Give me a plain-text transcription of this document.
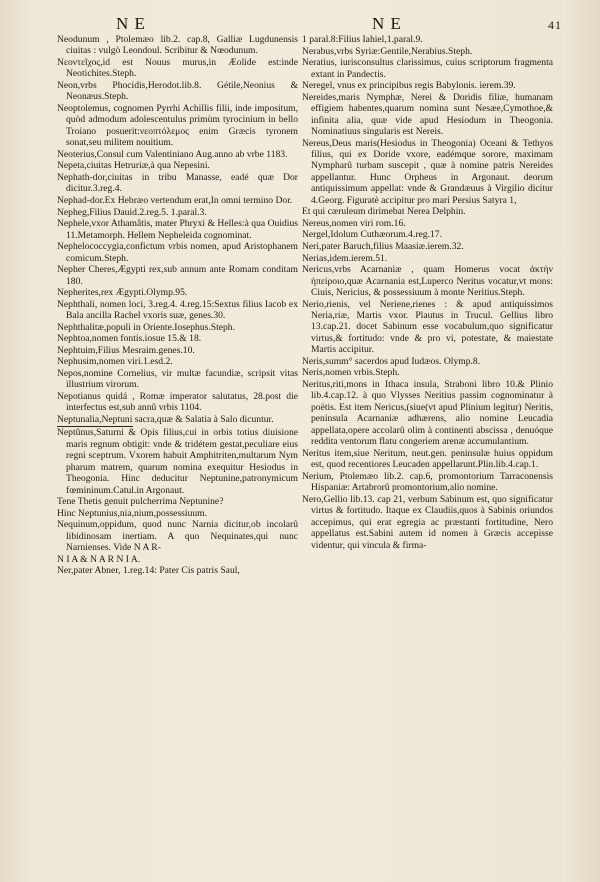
N E	N E	41

Neodunum , Ptolemæo lib.2. cap.8, Galliæ Lugdunensis ciuitas : vulgò Leondoul. Scribitur & Nœodunum.

Νεοντεῖχος,id est Nouus murus,in Æolide est:inde Neotichites.Steph.

Neon,vrbs Phocidis,Herodot.lib.8. Gétile,Neonius & Neonæus.Steph.

Neoptolemus, cognomen Pyrrhi Achillis filii, inde impositum, quòd admodum adolescentulus primùm tyrocinium in bello Troiano posuerit:νεοπτόλεμος enim Græcis tyronem sonat,seu militem nouitium.

Neoterius,Consul cum Valentiniano Aug.anno ab vrbe 1183.

Nepeta,ciuitas Hetruriæ,à qua Nepesini.

Nephath-dor,ciuitas in tribu Manasse, eadé quæ Dor dicitur.3.reg.4.

Nephad-dor.Ex Hebræo vertendum erat,In omni termino Dor.

Nepheg,Filius Dauid.2.reg.5. 1.paral.3.

Nephele,vxor Athamâtis, mater Phryxi & Helles:à qua Ouidius 11.Metamorph. Hellem Nepheleida cognominat.

Nephelococcygia,confictum vrbis nomen, apud Aristophanem comicum.Steph.

Nepher Cheres,Ægypti rex,sub annum ante Romam conditam 180.

Nepherites,rex Ægypti.Olymp.95.

Nephthali, nomen loci, 3.reg.4. 4.reg.15:Sextus filius Iacob ex Bala ancilla Rachel vxoris suæ, genes.30.

Nephthalitæ,populi in Oriente.Iosephus.Steph.

Nephtoa,nomen fontis.iosue 15.& 18.

Nephtuim,Filius Mesraim.genes.10.

Nephusim,nomen viri.1.esd.2.

Nepos,nomine Cornelius, vir multæ facundiæ, scripsit vitas illustrium virorum.

Nepotianus quidá , Romæ imperator salutatus, 28.post die interfectus est,sub annû vrbis 1104.

Neptunalia,Neptuni sacra,quæ & Salatia à Salo dicuntur.

Neptûnus,Saturni & Opis filius,cui in orbis totius diuisione maris regnum obtigit: vnde & tridétem gestat,peculiare eius regni sceptrum. Vxorem habuit Amphitriten,multarum Nym pharum matrem, quarum nomina exequitur Hesiodus in Theogonia. Hinc deducitur Neptunine,patronymicum fœmininum.Catul.in Argonaut.

Tene Thetis genuit pulcherrima Neptunine?

Hinc Neptunius,nia,nium,possessiuum.

Nequinum,oppidum, quod nunc Narnia dicitur,ob incolarû libidinosam inertiam. A quo Nequinates,qui nunc Narnienses. Vide N A R-

N I A & N A R N I A.

Ner,pater Abner, 1.reg.14: Pater Cis patris Saul,

1 paral.8:Filius Iahiel,1.paral.9.

Nerabus,vrbs Syriæ:Gentile,Nerabius.Steph.

Neratius, iurisconsultus clarissimus, cuius scriptorum fragmenta extant in Pandectis.

Neregel, vnus ex principibus regis Babylonis. ierem.39.

Nereides,maris Nymphæ, Nerei & Doridis filiæ, humanam effigiem habentes,quarum nomina sunt Nesæe,Cymothoe,& infinita alia, quæ vide apud Hesiodum in Theogonia. Nominatiuus singularis est Nereis.

Nereus,Deus maris(Hesiodus in Theogonia) Oceani & Tethyos filius, qui ex Doride vxore, eadémque sorore, maximam Nympharû turbam suscepit , quæ à nomine patris Nereides appellantur. Hunc Orpheus in Argonaut. deorum antiquissimum appellat: vnde & Grandæuus à Virgilio dicitur 4.Georg. Figuratè accipitur pro mari Persius Satyra 1,

Et qui cæruleum dirimebat Nerea Delphin.

Nereus,nomen viri rom.16.

Nergel,Idolum Cuthæorum.4.reg.17.

Neri,pater Baruch,filius Maasiæ.ierem.32.

Nerias,idem.ierem.51.

Nericus,vrbs Acarnaniæ , quam Homerus vocat ἀκτὴν ἠπείροιο,quæ Acarnania est,Luperco Neritus vocatur,vt mons: Ciuis, Nericius, & possessiuum à monte Neritius.Steph.

Nerio,rienis, vel Neriene,rienes : & apud antiquissimos Neria,riæ, Martis vxor. Plautus in Trucul. Gellius libro 13.cap.21. docet Sabinum esse vocabulum,quo significatur virtus,& fortitudo: vnde & pro vi, potestate, & maiestate Martis accipitur.

Neris,summ° sacerdos apud Iudæos. Olymp.8.

Neris,nomen vrbis.Steph.

Neritus,riti,mons in Ithaca insula, Straboni libro 10.& Plinio lib.4.cap.12. à quo Vlysses Neritius passim cognominatur à poëtis. Est item Nericus,(siue(vt apud Plinium legitur) Neritis, peninsula Acarnaniæ adhærens, alio nomine Leucadia appellata,opere accolarû olim à continenti abscissa , denuóque reddita ventorum flatu congeriem arenæ accumulantium.

Neritus item,siue Neritum, neut.gen. peninsulæ huius oppidum est, quod recentiores Leucaden appellarunt.Plin.lib.4.cap.1.

Nerium, Ptolemæo lib.2. cap.6, promontorium Tarraconensis Hispaniæ: Artabrorû promontorium,alio nomine.

Nero,Gellio lib.13. cap 21, verbum Sabinum est, quo significatur virtus & fortitudo. Itaque ex Claudiis,quos à Sabinis oriundos accepimus, qui erat egregia ac præstanti fortitudine, Nero appellatus est.Sabini autem id nomen à Græcis accepisse videntur, qui vincula & firma-
